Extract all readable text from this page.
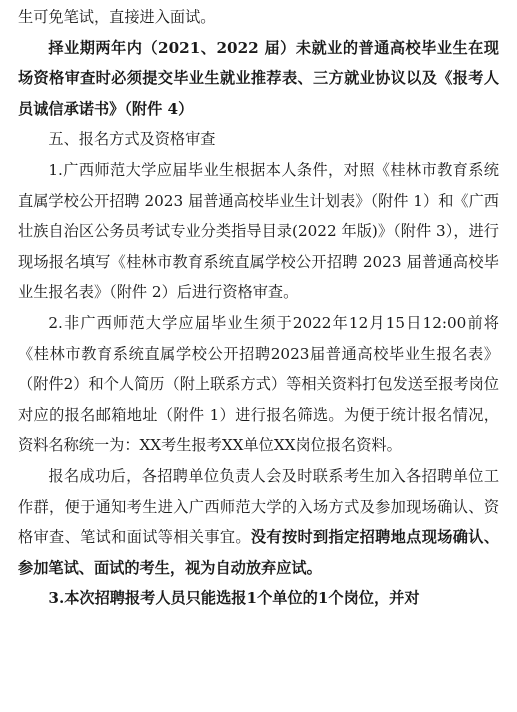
生可免笔试，直接进入面试。

择业期两年内（2021、2022 届）未就业的普通高校毕业生在现场资格审查时必须提交毕业生就业推荐表、三方就业协议以及《报考人员诚信承诺书》（附件 4）

五、报名方式及资格审查

1.广西师范大学应届毕业生根据本人条件，对照《桂林市教育系统直属学校公开招聘 2023 届普通高校毕业生计划表》（附件 1）和《广西壮族自治区公务员考试专业分类指导目录(2022 年版)》（附件 3），进行现场报名填写《桂林市教育系统直属学校公开招聘 2023 届普通高校毕业生报名表》（附件 2）后进行资格审查。

2.非广西师范大学应届毕业生须于2022年12月15日12:00前将《桂林市教育系统直属学校公开招聘2023届普通高校毕业生报名表》（附件2）和个人简历（附上联系方式）等相关资料打包发送至报考岗位对应的报名邮箱地址（附件 1）进行报名筛选。为便于统计报名情况，资料名称统一为：XX考生报考XX单位XX岗位报名资料。

报名成功后，各招聘单位负责人会及时联系考生加入各招聘单位工作群，便于通知考生进入广西师范大学的入场方式及参加现场确认、资格审查、笔试和面试等相关事宜。没有按时到指定招聘地点现场确认、参加笔试、面试的考生，视为自动放弃应试。

3.本次招聘报考人员只能选报1个单位的1个岗位，并对
